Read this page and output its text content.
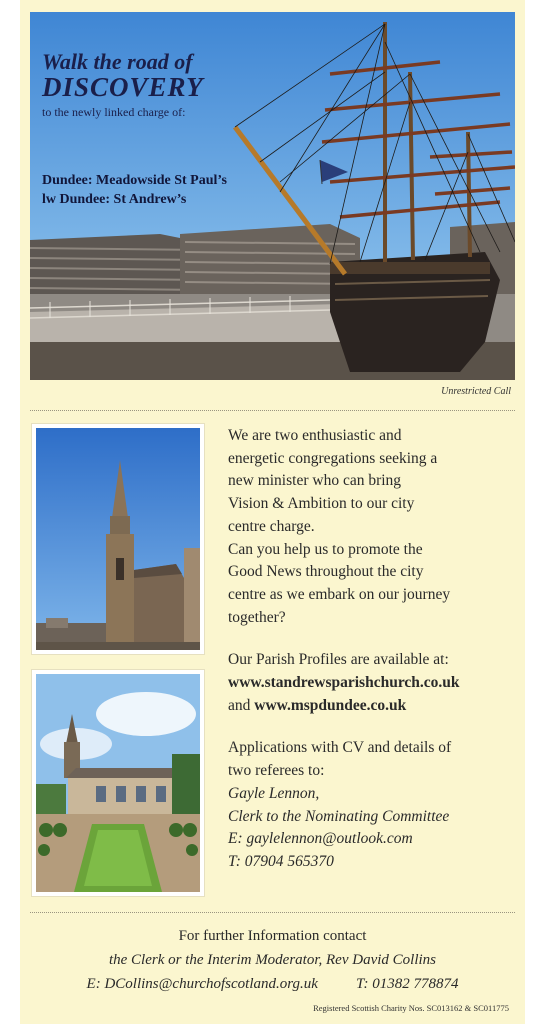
Walk the road of
DISCOVERY
to the newly linked charge of:
Dundee: Meadowside St Paul’s
lw Dundee: St Andrew’s
Unrestricted Call

We are two enthusiastic and

energetic congregations seeking a

new minister who can bring

Vision & Ambition to our city

centre charge.

Can you help us to promote the

Good News throughout the city

centre as we embark on our journey

together?

Our Parish Profiles are available at:

www.standrewsparishchurch.co.uk

and www.mspdundee.co.uk

Applications with CV and details of

two referees to:

Gayle Lennon,

Clerk to the Nominating Committee

E: gaylelennon@outlook.com

T: 07904 565370

For further Information contact
the Clerk or the Interim Moderator, Rev David Collins
E: DCollins@churchofscotland.org.uk	T: 01382 778874
Registered Scottish Charity Nos. SC013162 & SC011775
